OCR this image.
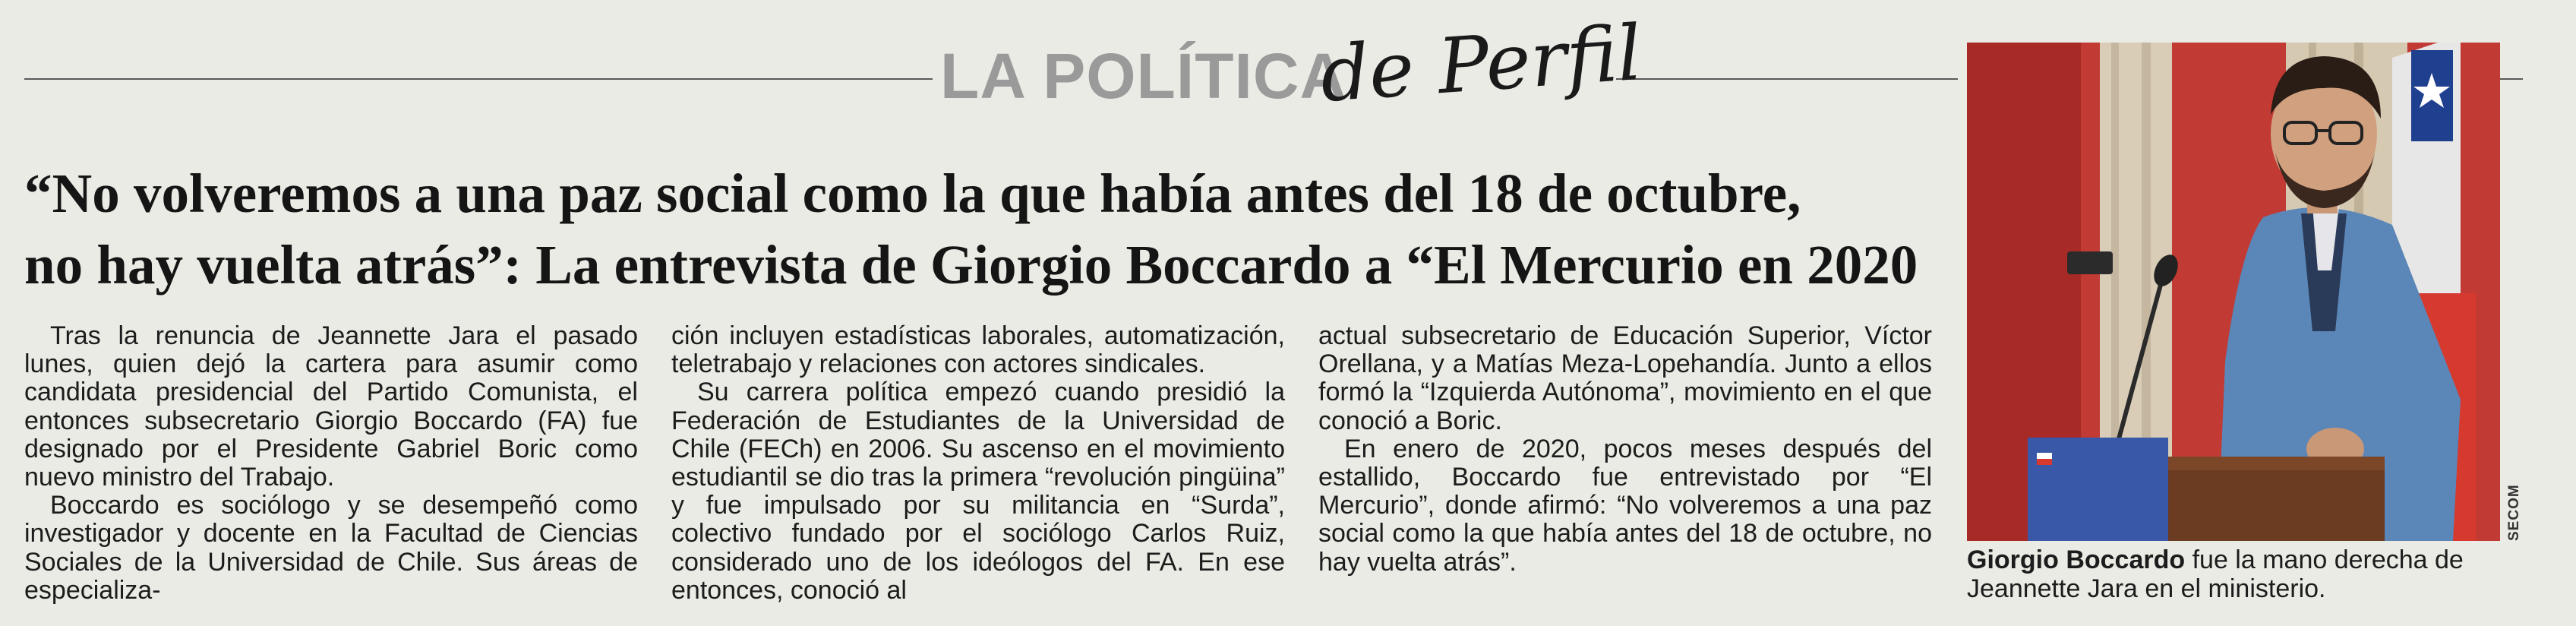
LA POLÍTICA
de Perfil
“No volveremos a una paz social como la que había antes del 18 de octubre,
no hay vuelta atrás”: La entrevista de Giorgio Boccardo a “El Mercurio en 2020

Tras la renuncia de Jeannette Jara el pasado lunes, quien dejó la cartera para asumir como candidata presidencial del Partido Comunista, el entonces subsecretario Giorgio Boccardo (FA) fue designado por el Presidente Gabriel Boric como nuevo ministro del Trabajo.

Boccardo es sociólogo y se desempeñó como investigador y docente en la Facultad de Ciencias Sociales de la Universidad de Chile. Sus áreas de especializa-

ción incluyen estadísticas laborales, automatización, teletrabajo y relaciones con actores sindicales.

Su carrera política empezó cuando presidió la Federación de Estudiantes de la Universidad de Chile (FECh) en 2006. Su ascenso en el movimiento estudiantil se dio tras la primera “revolución pingüina” y fue impulsado por su militancia en “Surda”, colectivo fundado por el sociólogo Carlos Ruiz, considerado uno de los ideólogos del FA. En ese entonces, conoció al

actual subsecretario de Educación Superior, Víctor Orellana, y a Matías Meza-Lopehandía. Junto a ellos formó la “Izquierda Autónoma”, movimiento en el que conoció a Boric.

En enero de 2020, pocos meses después del estallido, Boccardo fue entrevistado por “El Mercurio”, donde afirmó: “No volveremos a una paz social como la que había antes del 18 de octubre, no hay vuelta atrás”.

SECOM
Giorgio Boccardo fue la mano derecha de Jeannette Jara en el ministerio.
